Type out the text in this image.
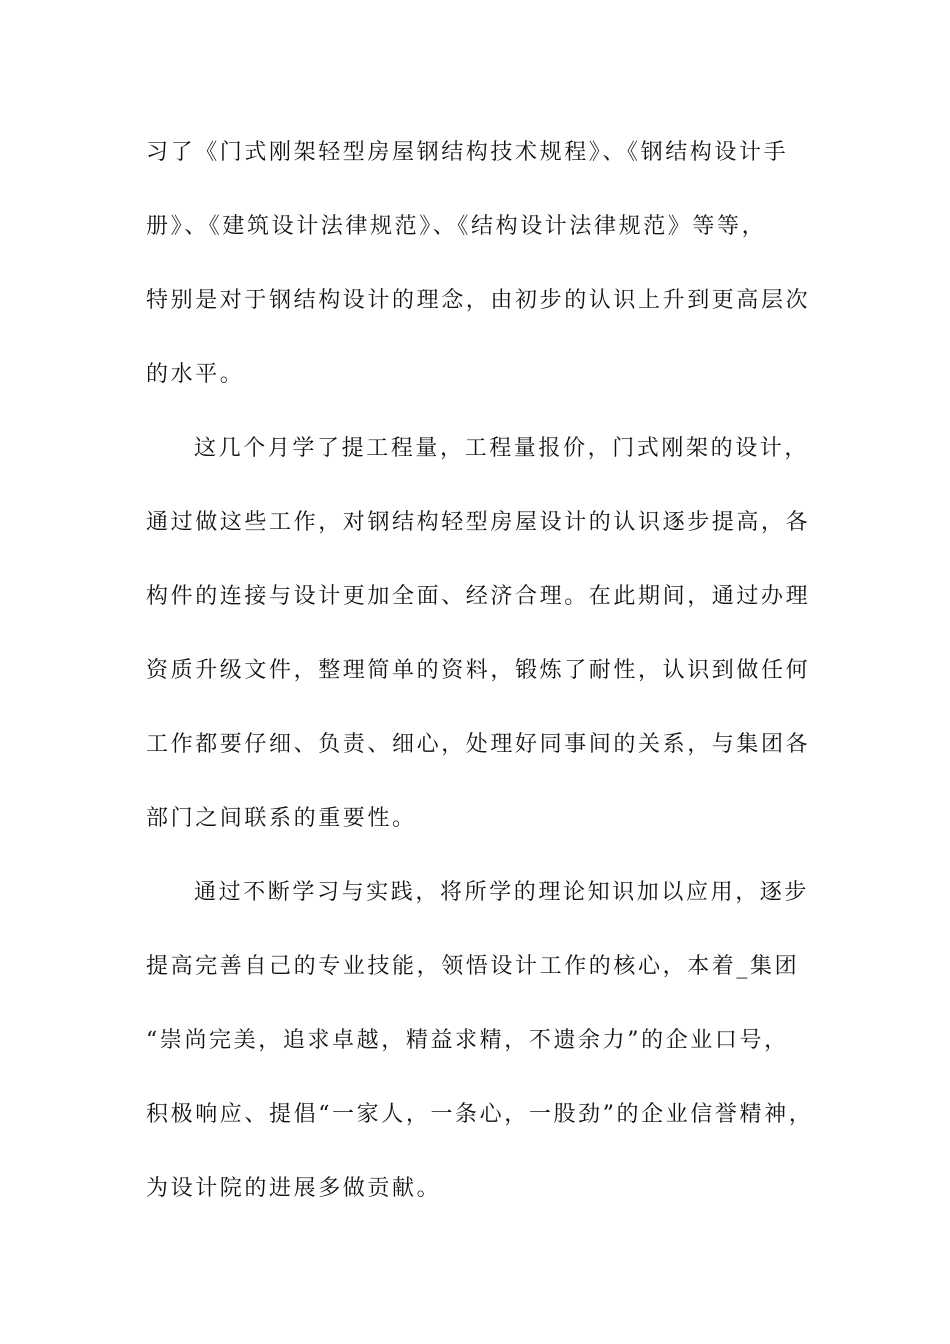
习了《门式刚架轻型房屋钢结构技术规程》、《钢结构设计手
册》、《建筑设计法律规范》、《结构设计法律规范》等等，
特别是对于钢结构设计的理念，由初步的认识上升到更高层次
的水平。
这几个月学了提工程量，工程量报价，门式刚架的设计，
通过做这些工作，对钢结构轻型房屋设计的认识逐步提高，各
构件的连接与设计更加全面、经济合理。在此期间，通过办理
资质升级文件，整理简单的资料，锻炼了耐性，认识到做任何
工作都要仔细、负责、细心，处理好同事间的关系，与集团各
部门之间联系的重要性。
通过不断学习与实践，将所学的理论知识加以应用，逐步
提高完善自己的专业技能，领悟设计工作的核心，本着_集团
“崇尚完美，追求卓越，精益求精，不遗余力”的企业口号，
积极响应、提倡“一家人，一条心，一股劲”的企业信誉精神，
为设计院的进展多做贡献。
